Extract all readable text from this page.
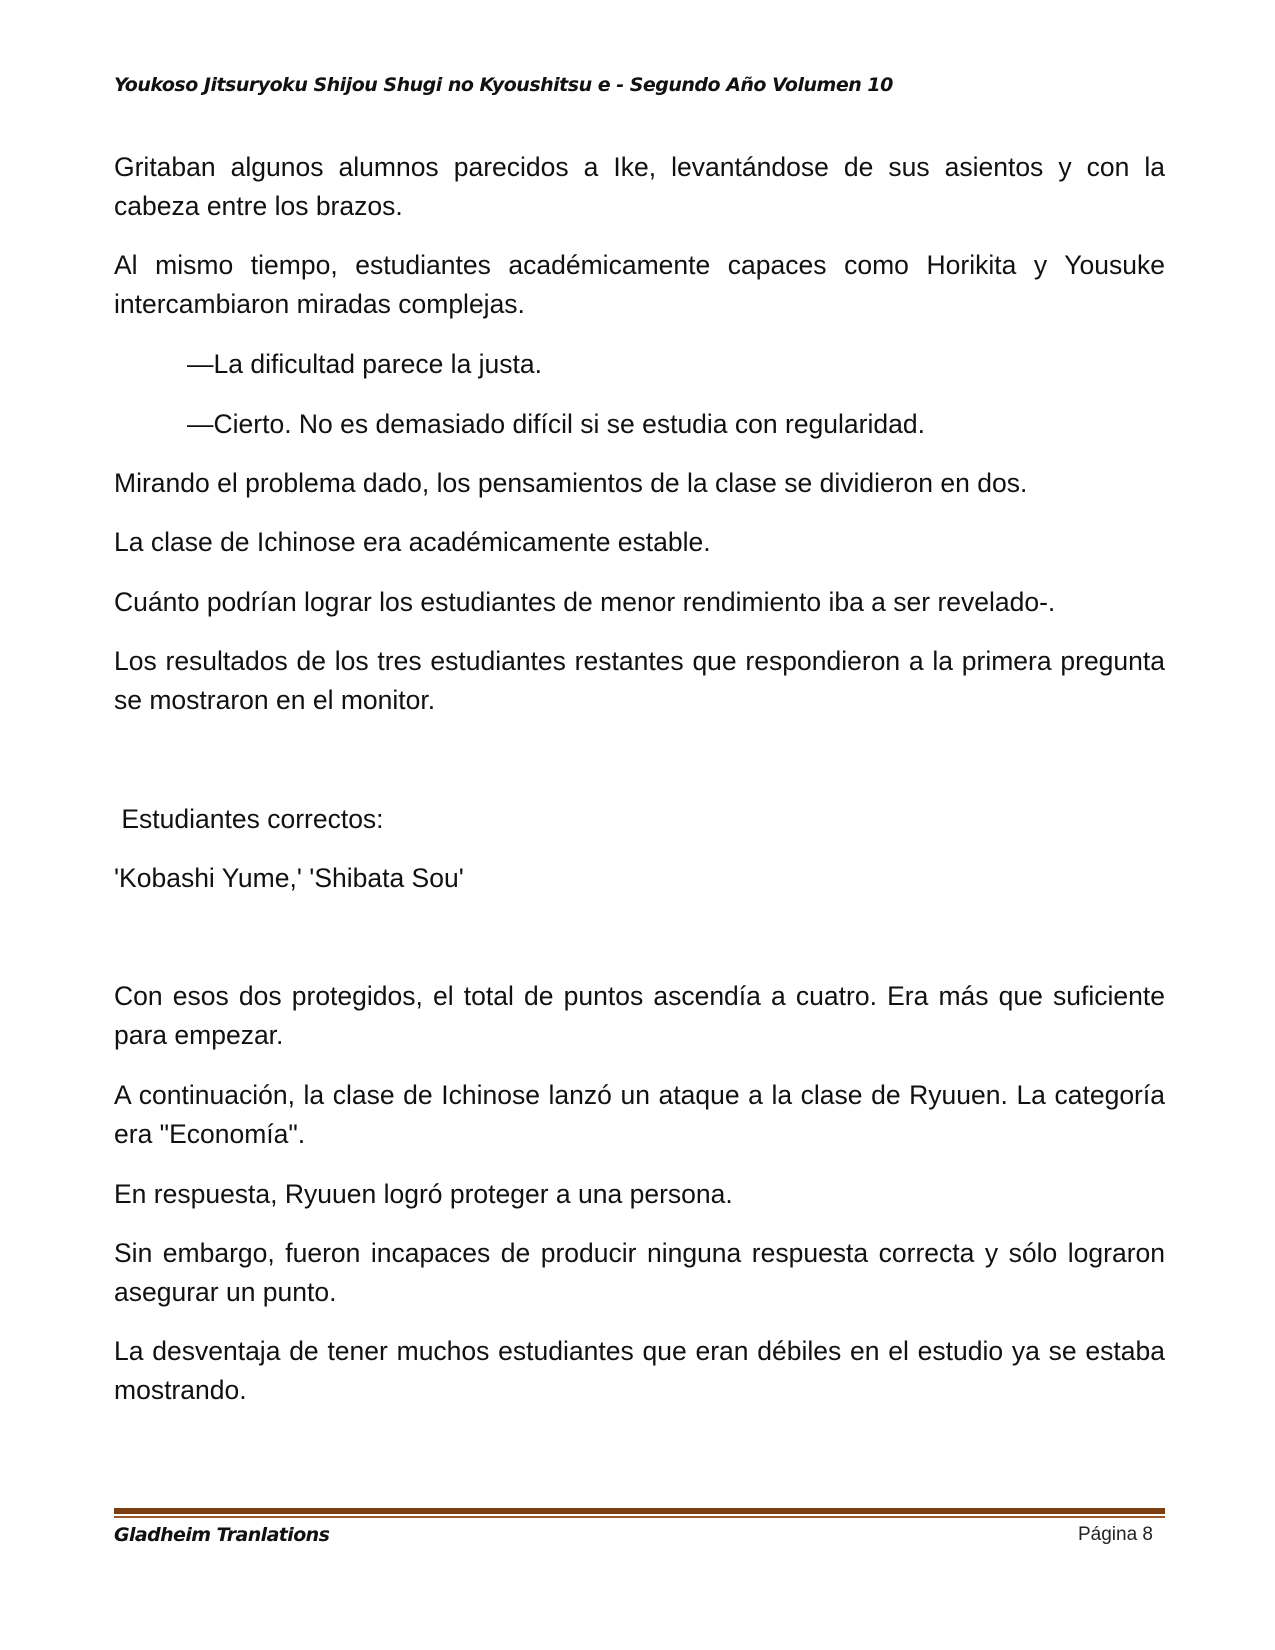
Youkoso Jitsuryoku Shijou Shugi no Kyoushitsu e - Segundo Año Volumen 10

Gritaban algunos alumnos parecidos a Ike, levantándose de sus asientos y con la cabeza entre los brazos.

Al mismo tiempo, estudiantes académicamente capaces como Horikita y Yousuke intercambiaron miradas complejas.

—La dificultad parece la justa.

—Cierto. No es demasiado difícil si se estudia con regularidad.

Mirando el problema dado, los pensamientos de la clase se dividieron en dos.

La clase de Ichinose era académicamente estable.

Cuánto podrían lograr los estudiantes de menor rendimiento iba a ser revelado-.

Los resultados de los tres estudiantes restantes que respondieron a la primera pregunta se mostraron en el monitor.

Estudiantes correctos:

'Kobashi Yume,' 'Shibata Sou'

Con esos dos protegidos, el total de puntos ascendía a cuatro. Era más que suficiente para empezar.

A continuación, la clase de Ichinose lanzó un ataque a la clase de Ryuuen. La categoría era "Economía".

En respuesta, Ryuuen logró proteger a una persona.

Sin embargo, fueron incapaces de producir ninguna respuesta correcta y sólo lograron asegurar un punto.

La desventaja de tener muchos estudiantes que eran débiles en el estudio ya se estaba mostrando.

Gladheim Tranlations	Página 8
